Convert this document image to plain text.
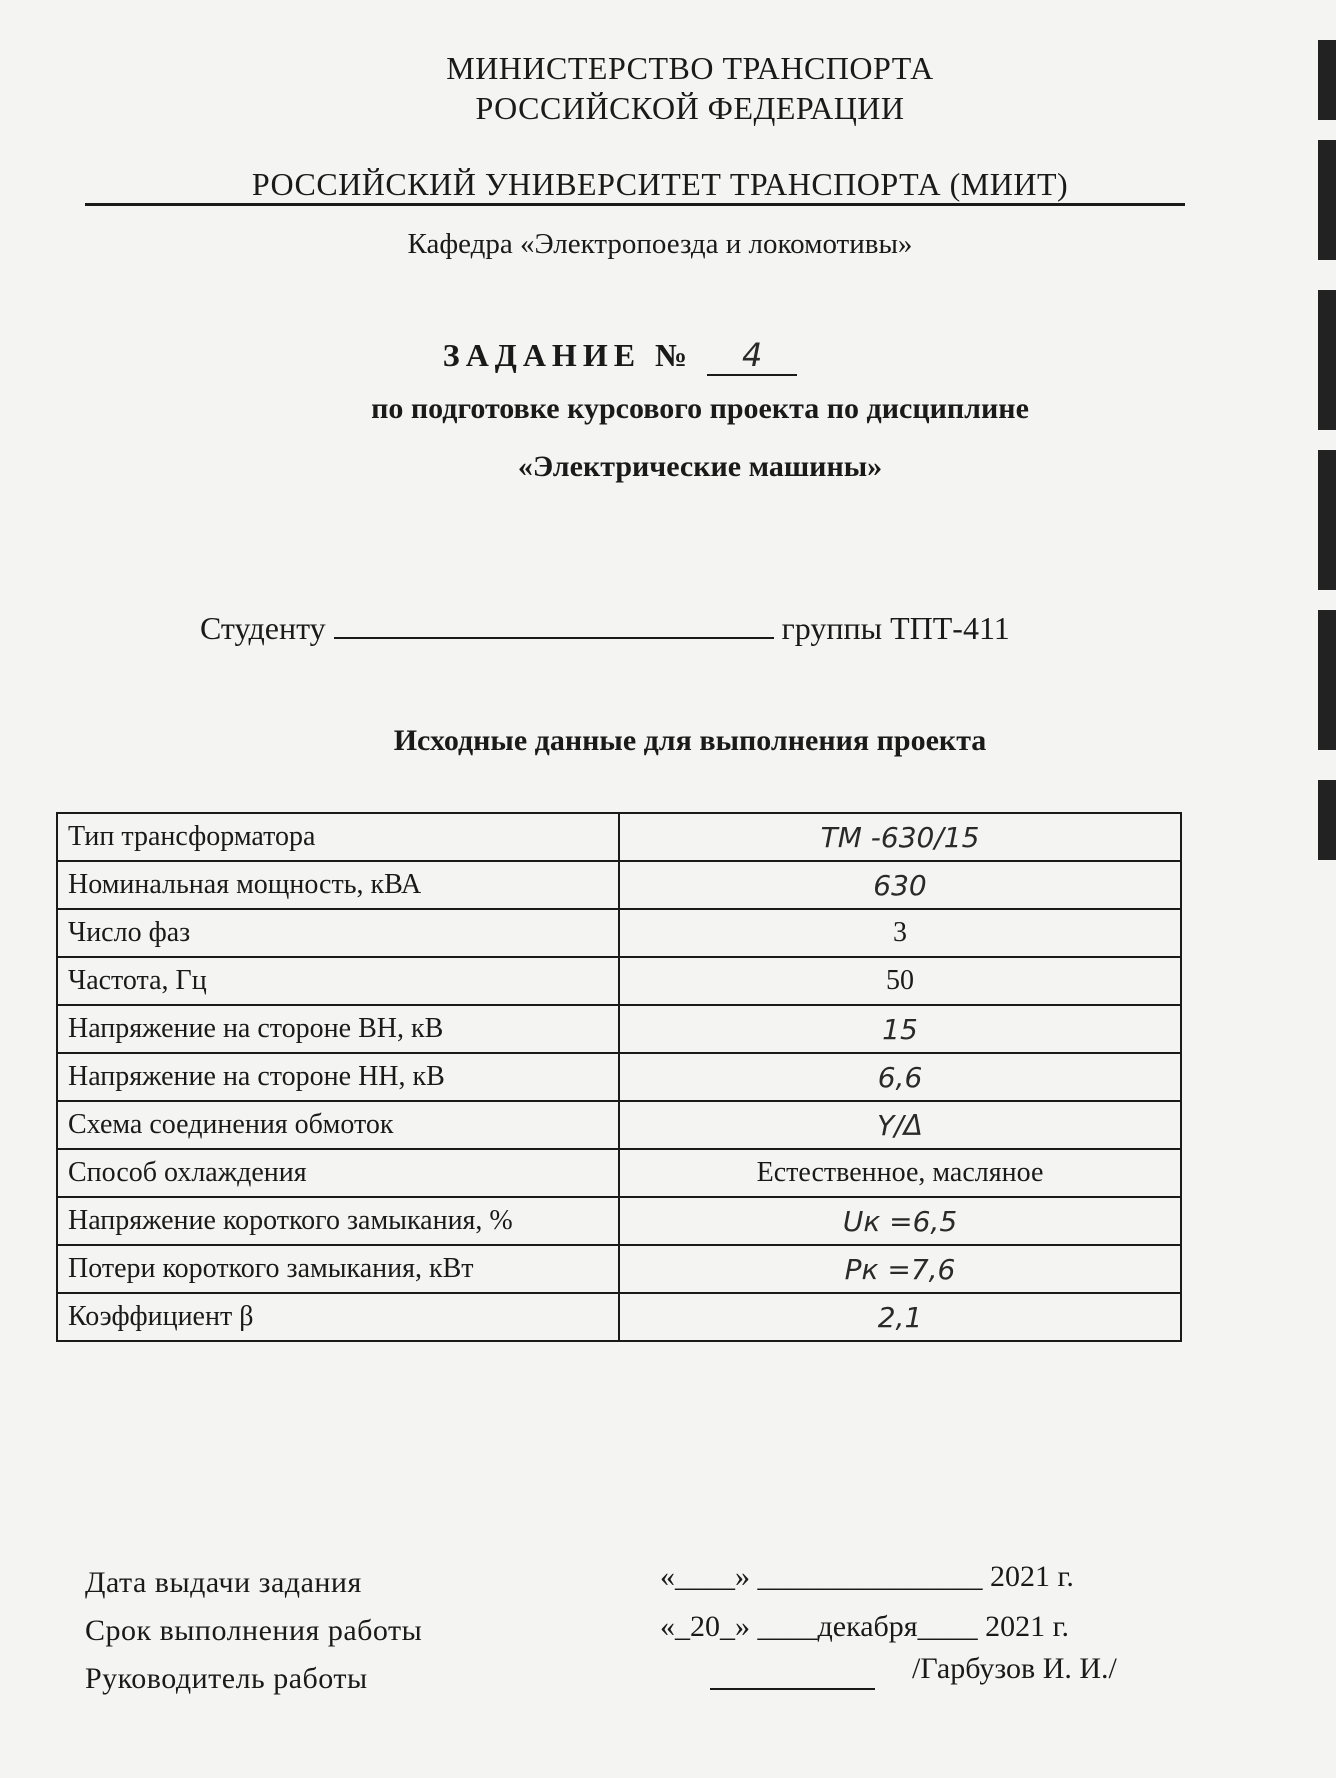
МИНИСТЕРСТВО ТРАНСПОРТА
РОССИЙСКОЙ ФЕДЕРАЦИИ
РОССИЙСКИЙ УНИВЕРСИТЕТ ТРАНСПОРТА (МИИТ)
Кафедра «Электропоезда и локомотивы»
ЗАДАНИЕ № 4
по подготовке курсового проекта по дисциплине
«Электрические машины»
Студенту	группы ТПТ-411
Исходные данные для выполнения проекта
Тип трансформатора	ТМ -630/15
Номинальная мощность, кВА	630
Число фаз	3
Частота, Гц	50
Напряжение на стороне ВН, кВ	15
Напряжение на стороне НН, кВ	6,6
Схема соединения обмоток	Y/Δ
Способ охлаждения	Естественное, масляное
Напряжение короткого замыкания, %	Uк =6,5
Потери короткого замыкания, кВт	Pк =7,6
Коэффициент β	2,1
Дата выдачи задания	«____» _______________ 2021 г.
Срок выполнения работы	«_20_» ____декабря____ 2021 г.
Руководитель работы	/Гарбузов И. И./
